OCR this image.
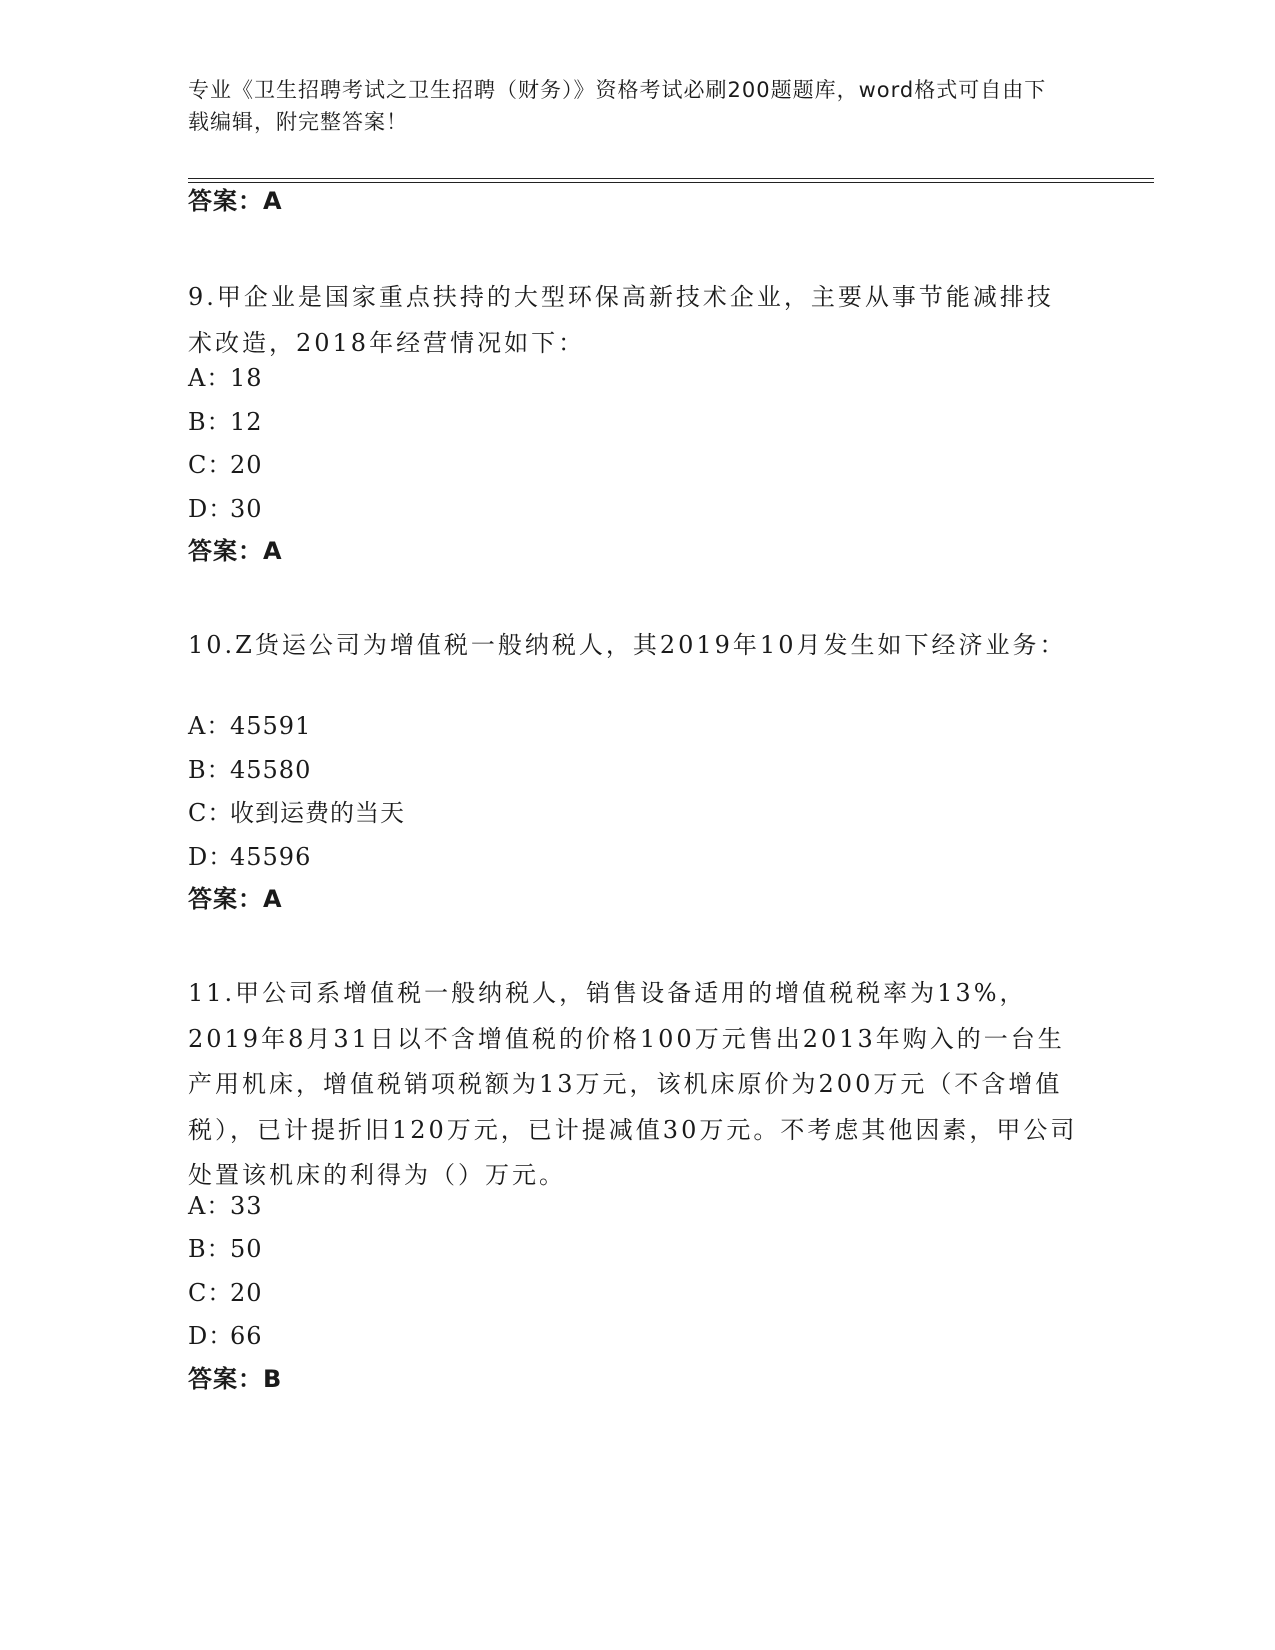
专业《卫生招聘考试之卫生招聘（财务）》资格考试必刷200题题库，word格式可自由下载编辑，附完整答案！
答案：A
9.甲企业是国家重点扶持的大型环保高新技术企业，主要从事节能减排技术改造，2018年经营情况如下：
A：18
B：12
C：20
D：30
答案：A
10.Z货运公司为增值税一般纳税人，其2019年10月发生如下经济业务：
A：45591
B：45580
C：收到运费的当天
D：45596
答案：A
11.甲公司系增值税一般纳税人，销售设备适用的增值税税率为13%，2019年8月31日以不含增值税的价格100万元售出2013年购入的一台生产用机床，增值税销项税额为13万元，该机床原价为200万元（不含增值税），已计提折旧120万元，已计提减值30万元。不考虑其他因素，甲公司处置该机床的利得为（）万元。
A：33
B：50
C：20
D：66
答案：B
